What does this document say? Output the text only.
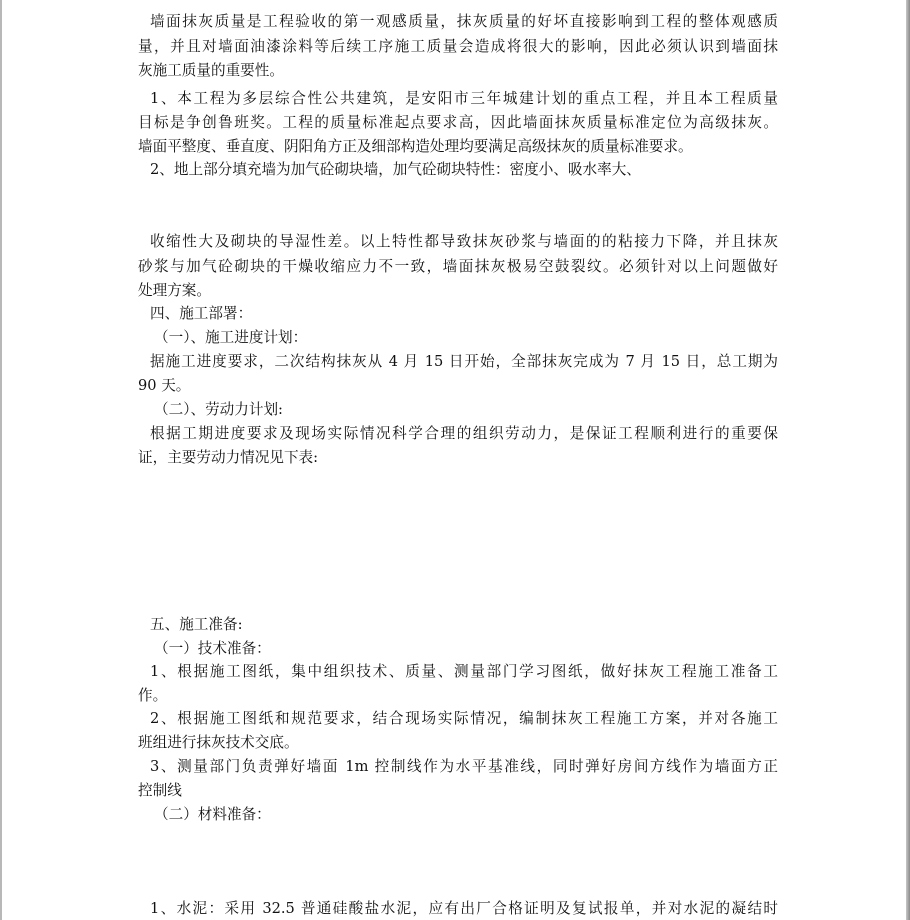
墙面抹灰质量是工程验收的第一观感质量，抹灰质量的好坏直接影响到工程的整体观感质
量，并且对墙面油漆涂料等后续工序施工质量会造成将很大的影响，因此必须认识到墙面抹
灰施工质量的重要性。
1、本工程为多层综合性公共建筑，是安阳市三年城建计划的重点工程，并且本工程质量
目标是争创鲁班奖。工程的质量标准起点要求高，因此墙面抹灰质量标准定位为高级抹灰。
墙面平整度、垂直度、阴阳角方正及细部构造处理均要满足高级抹灰的质量标准要求。
2、地上部分填充墙为加气砼砌块墙，加气砼砌块特性：密度小、吸水率大、
收缩性大及砌块的导湿性差。以上特性都导致抹灰砂浆与墙面的的粘接力下降，并且抹灰
砂浆与加气砼砌块的干燥收缩应力不一致，墙面抹灰极易空鼓裂纹。必须针对以上问题做好
处理方案。
四、施工部署：
（一）、施工进度计划：
据施工进度要求，二次结构抹灰从 4 月 15 日开始，全部抹灰完成为 7 月 15 日，总工期为
90 天。
（二）、劳动力计划:
根据工期进度要求及现场实际情况科学合理的组织劳动力，是保证工程顺利进行的重要保
证，主要劳动力情况见下表:
五、施工准备:
（一）技术准备：
1、根据施工图纸，集中组织技术、质量、测量部门学习图纸，做好抹灰工程施工准备工
作。
2、根据施工图纸和规范要求，结合现场实际情况，编制抹灰工程施工方案，并对各施工
班组进行抹灰技术交底。
3、测量部门负责弹好墙面 1m 控制线作为水平基准线，同时弹好房间方线作为墙面方正
控制线
（二）材料准备：
1、水泥：采用 32.5 普通硅酸盐水泥，应有出厂合格证明及复试报单，并对水泥的凝结时
